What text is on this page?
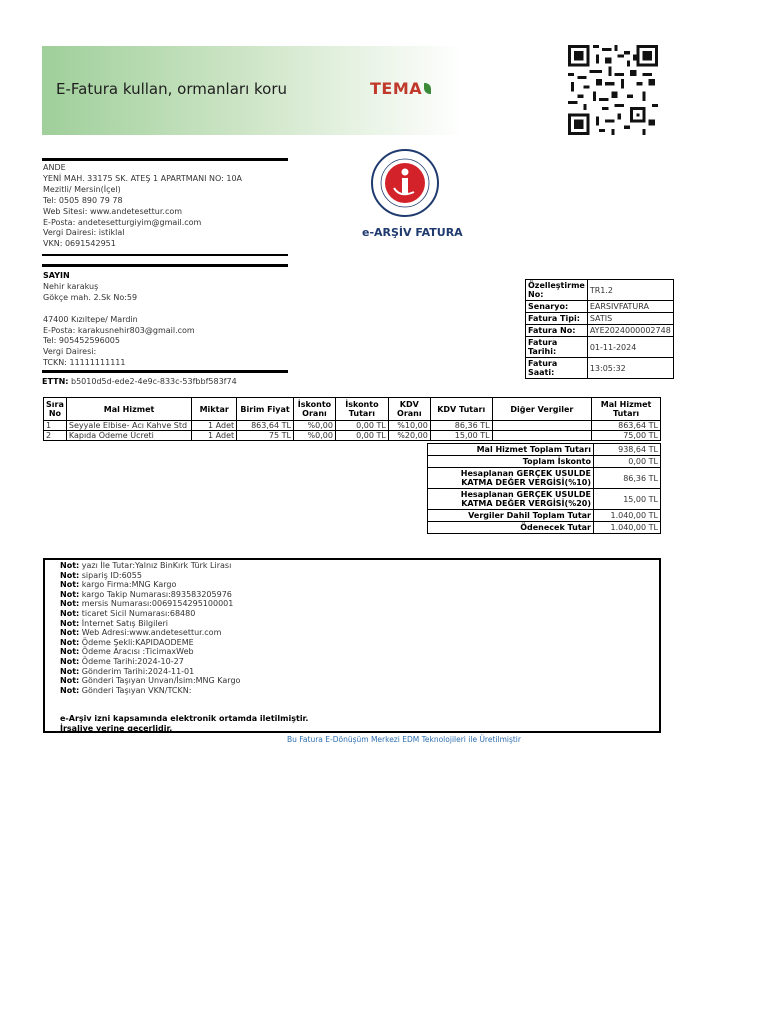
E-Fatura kullan, ormanları koru	TEMA
ANDE
YENİ MAH. 33175 SK. ATEŞ 1 APARTMANI NO: 10A
Mezitli/ Mersin(İçel)
Tel: 0505 890 79 78
Web Sitesi: www.andetesettur.com
E-Posta: andetesetturgiyim@gmail.com
Vergi Dairesi: istiklal
VKN: 0691542951
e-ARŞİV FATURA
SAYIN
Nehir karakuş
Gökçe mah. 2.Sk No:59
47400 Kızıltepe/ Mardin
E-Posta: karakusnehir803@gmail.com
Tel: 905452596005
Vergi Dairesi:
TCKN: 11111111111
ETTN: b5010d5d-ede2-4e9c-833c-53fbbf583f74
Özelleştirme No:	TR1.2
Senaryo:	EARSIVFATURA
Fatura Tipi:	SATIS
Fatura No:	AYE2024000002748
Fatura Tarihi:	01-11-2024
Fatura Saati:	13:05:32
Sıra No	Mal Hizmet	Miktar	Birim Fiyat	İskonto Oranı	İskonto Tutarı	KDV Oranı	KDV Tutarı	Diğer Vergiler	Mal Hizmet Tutarı
1	Seyyale Elbise- Acı Kahve Std	1 Adet	863,64 TL	%0,00	0,00 TL	%10,00	86,36 TL		863,64 TL
2	Kapıda Ödeme Ücreti	1 Adet	75 TL	%0,00	0,00 TL	%20,00	15,00 TL		75,00 TL
Mal Hizmet Toplam Tutarı	938,64 TL
Toplam İskonto	0,00 TL
Hesaplanan GERÇEK USULDE KATMA DEĞER VERGİSİ(%10)	86,36 TL
Hesaplanan GERÇEK USULDE KATMA DEĞER VERGİSİ(%20)	15,00 TL
Vergiler Dahil Toplam Tutar	1.040,00 TL
Ödenecek Tutar	1.040,00 TL
Not: yazı İle Tutar:Yalnız BinKırk Türk Lirası
Not: sipariş ID:6055
Not: kargo Firma:MNG Kargo
Not: kargo Takip Numarası:893583205976
Not: mersis Numarası:0069154295100001
Not: ticaret Sicil Numarası:68480
Not: İnternet Satış Bilgileri
Not: Web Adresi:www.andetesettur.com
Not: Ödeme Şekli:KAPIDAODEME
Not: Ödeme Aracısı :TicimaxWeb
Not: Ödeme Tarihi:2024-10-27
Not: Gönderim Tarihi:2024-11-01
Not: Gönderi Taşıyan Unvan/İsim:MNG Kargo
Not: Gönderi Taşıyan VKN/TCKN:
e-Arşiv izni kapsamında elektronik ortamda iletilmiştir.
İrsaliye yerine geçerlidir.
Bu Fatura E-Dönüşüm Merkezi EDM Teknolojileri ile Üretilmiştir
